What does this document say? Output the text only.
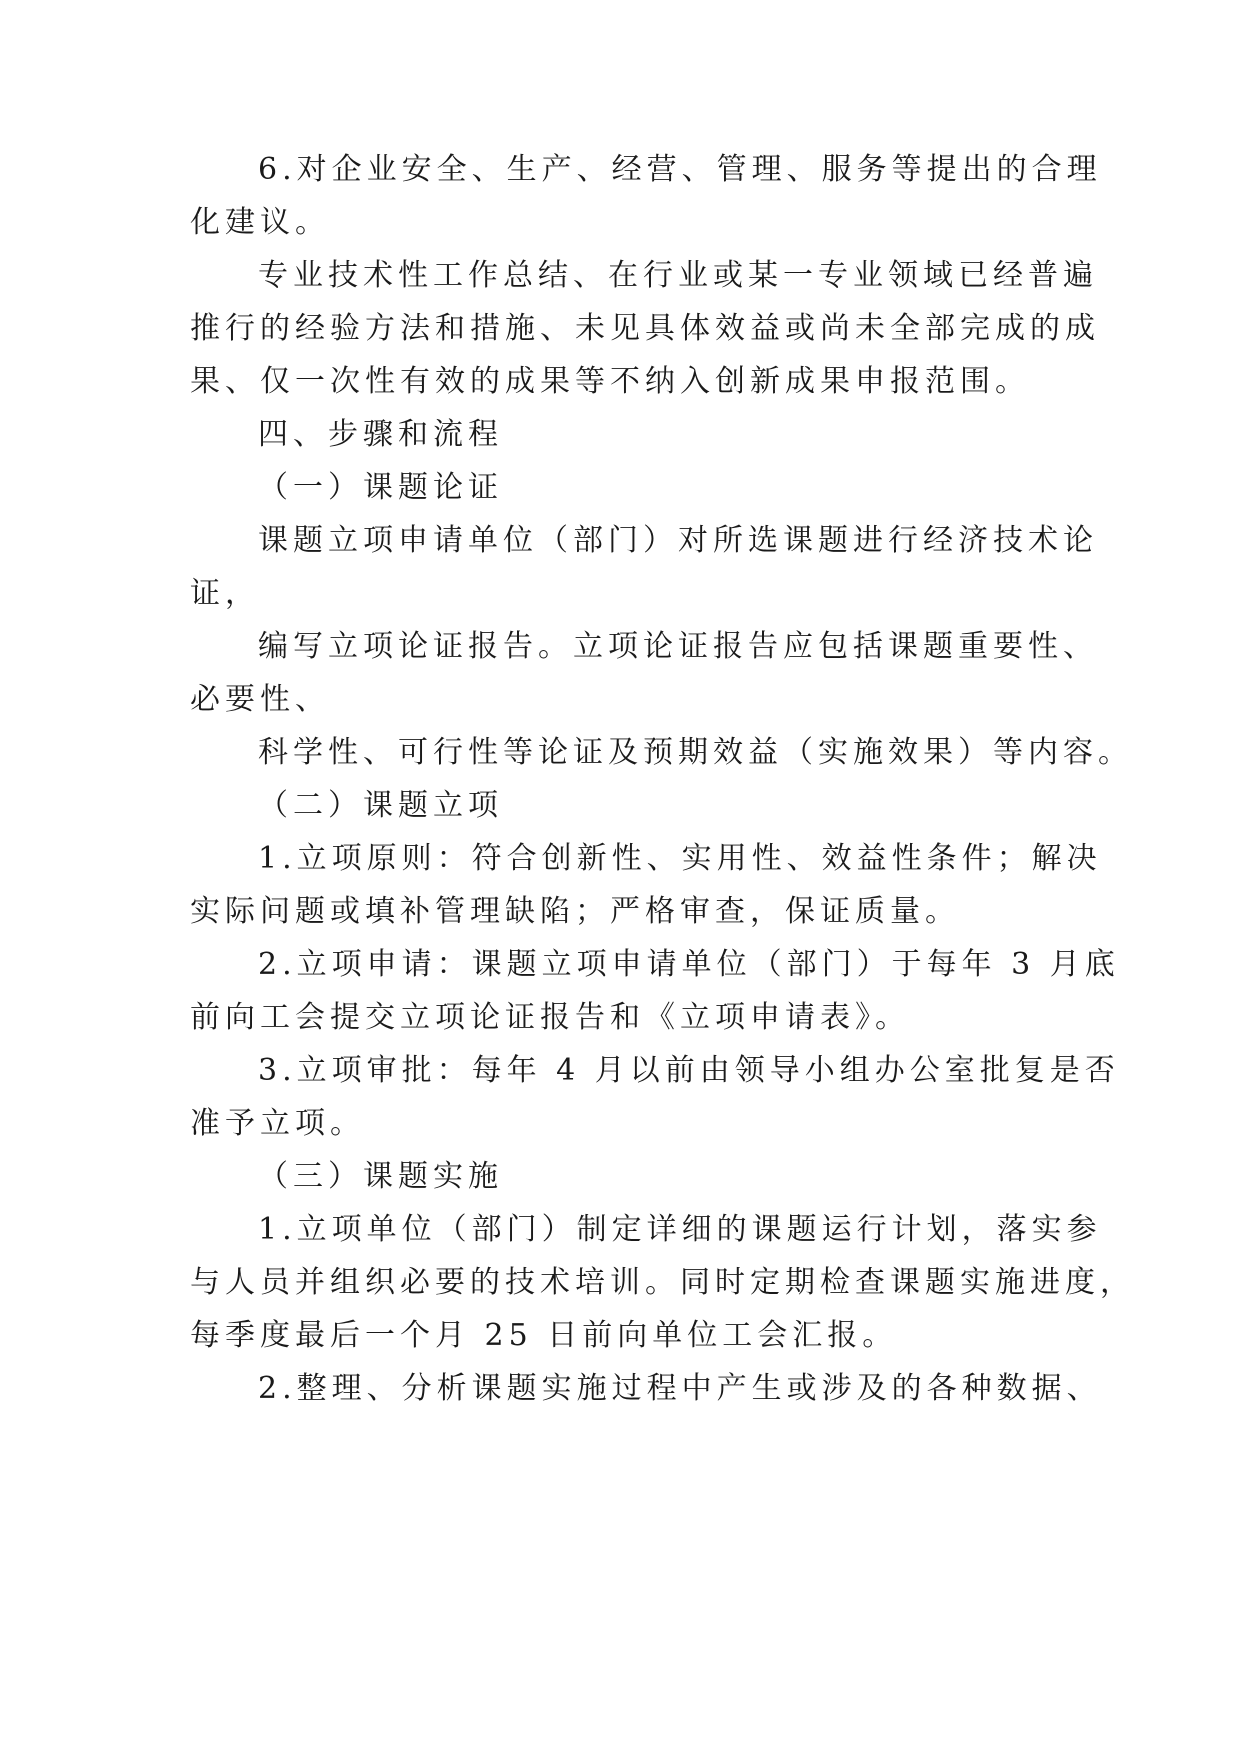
6.对企业安全、生产、经营、管理、服务等提出的合理
化建议。
专业技术性工作总结、在行业或某一专业领域已经普遍
推行的经验方法和措施、未见具体效益或尚未全部完成的成
果、仅一次性有效的成果等不纳入创新成果申报范围。
四、步骤和流程
（一）课题论证
课题立项申请单位（部门）对所选课题进行经济技术论
证，
编写立项论证报告。立项论证报告应包括课题重要性、
必要性、
科学性、可行性等论证及预期效益（实施效果）等内容。
（二）课题立项
1.立项原则：符合创新性、实用性、效益性条件；解决
实际问题或填补管理缺陷；严格审查，保证质量。
2.立项申请：课题立项申请单位（部门）于每年 3 月底
前向工会提交立项论证报告和《立项申请表》。
3.立项审批：每年 4 月以前由领导小组办公室批复是否
准予立项。
（三）课题实施
1.立项单位（部门）制定详细的课题运行计划，落实参
与人员并组织必要的技术培训。同时定期检查课题实施进度，
每季度最后一个月 25 日前向单位工会汇报。
2.整理、分析课题实施过程中产生或涉及的各种数据、
